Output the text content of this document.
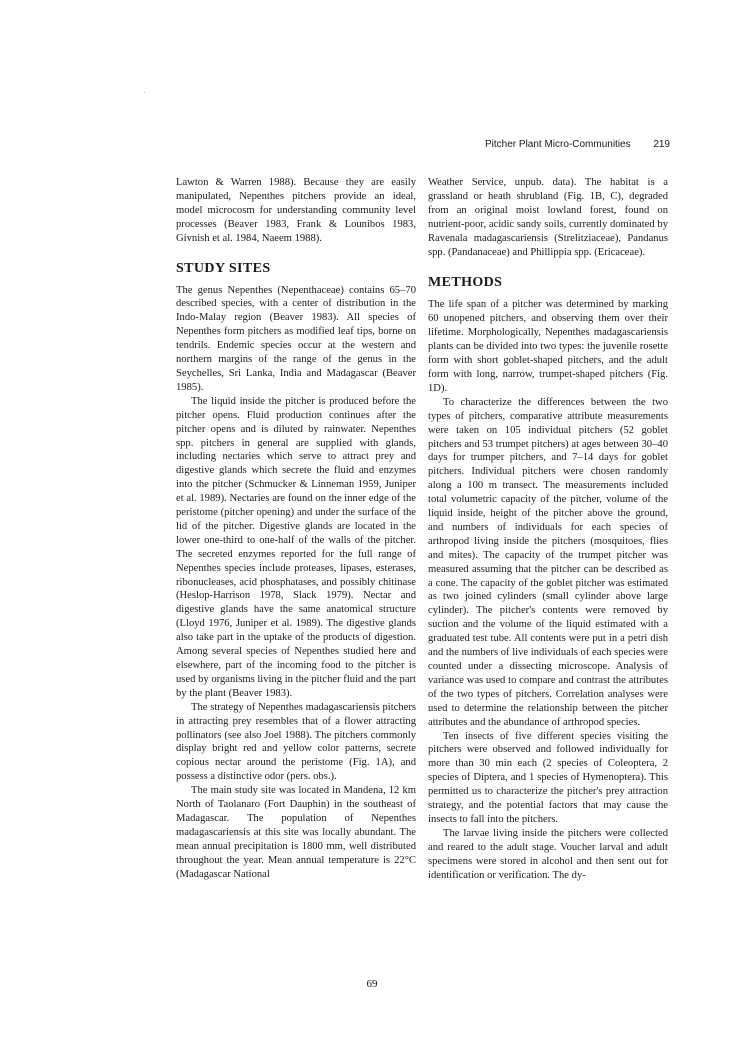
Pitcher Plant Micro-Communities 219

Lawton & Warren 1988). Because they are easily manipulated, Nepenthes pitchers provide an ideal, model microcosm for understanding community level processes (Beaver 1983, Frank & Lounibos 1983, Givnish et al. 1984, Naeem 1988).

STUDY SITES

The genus Nepenthes (Nepenthaceae) contains 65–70 described species, with a center of distribution in the Indo-Malay region (Beaver 1983). All species of Nepenthes form pitchers as modified leaf tips, borne on tendrils. Endemic species occur at the western and northern margins of the range of the genus in the Seychelles, Sri Lanka, India and Madagascar (Beaver 1985).

The liquid inside the pitcher is produced before the pitcher opens. Fluid production continues after the pitcher opens and is diluted by rainwater. Nepenthes spp. pitchers in general are supplied with glands, including nectaries which serve to attract prey and digestive glands which secrete the fluid and enzymes into the pitcher (Schmucker & Linneman 1959, Juniper et al. 1989). Nectaries are found on the inner edge of the peristome (pitcher opening) and under the surface of the lid of the pitcher. Digestive glands are located in the lower one-third to one-half of the walls of the pitcher. The secreted enzymes reported for the full range of Nepenthes species include proteases, lipases, esterases, ribonucleases, acid phosphatases, and possibly chitinase (Heslop-Harrison 1978, Slack 1979). Nectar and digestive glands have the same anatomical structure (Lloyd 1976, Juniper et al. 1989). The digestive glands also take part in the uptake of the products of digestion. Among several species of Nepenthes studied here and elsewhere, part of the incoming food to the pitcher is used by organisms living in the pitcher fluid and the part by the plant (Beaver 1983).

The strategy of Nepenthes madagascariensis pitchers in attracting prey resembles that of a flower attracting pollinators (see also Joel 1988). The pitchers commonly display bright red and yellow color patterns, secrete copious nectar around the peristome (Fig. 1A), and possess a distinctive odor (pers. obs.).

The main study site was located in Mandena, 12 km North of Taolanaro (Fort Dauphin) in the southeast of Madagascar. The population of Nepenthes madagascariensis at this site was locally abundant. The mean annual precipitation is 1800 mm, well distributed throughout the year. Mean annual temperature is 22°C (Madagascar National

Weather Service, unpub. data). The habitat is a grassland or heath shrubland (Fig. 1B, C), degraded from an original moist lowland forest, found on nutrient-poor, acidic sandy soils, currently dominated by Ravenala madagascariensis (Strelitziaceae), Pandanus spp. (Pandanaceae) and Phillippia spp. (Ericaceae).

METHODS

The life span of a pitcher was determined by marking 60 unopened pitchers, and observing them over their lifetime. Morphologically, Nepenthes madagascariensis plants can be divided into two types: the juvenile rosette form with short goblet-shaped pitchers, and the adult form with long, narrow, trumpet-shaped pitchers (Fig. 1D).

To characterize the differences between the two types of pitchers, comparative attribute measurements were taken on 105 individual pitchers (52 goblet pitchers and 53 trumpet pitchers) at ages between 30–40 days for trumper pitchers, and 7–14 days for goblet pitchers. Individual pitchers were chosen randomly along a 100 m transect. The measurements included total volumetric capacity of the pitcher, volume of the liquid inside, height of the pitcher above the ground, and numbers of individuals for each species of arthropod living inside the pitchers (mosquitoes, flies and mites). The capacity of the trumpet pitcher was measured assuming that the pitcher can be described as a cone. The capacity of the goblet pitcher was estimated as two joined cylinders (small cylinder above large cylinder). The pitcher's contents were removed by suction and the volume of the liquid estimated with a graduated test tube. All contents were put in a petri dish and the numbers of live individuals of each species were counted under a dissecting microscope. Analysis of variance was used to compare and contrast the attributes of the two types of pitchers. Correlation analyses were used to determine the relationship between the pitcher attributes and the abundance of arthropod species.

Ten insects of five different species visiting the pitchers were observed and followed individually for more than 30 min each (2 species of Coleoptera, 2 species of Diptera, and 1 species of Hymenoptera). This permitted us to characterize the pitcher's prey attraction strategy, and the potential factors that may cause the insects to fall into the pitchers.

The larvae living inside the pitchers were collected and reared to the adult stage. Voucher larval and adult specimens were stored in alcohol and then sent out for identification or verification. The dy-

69
